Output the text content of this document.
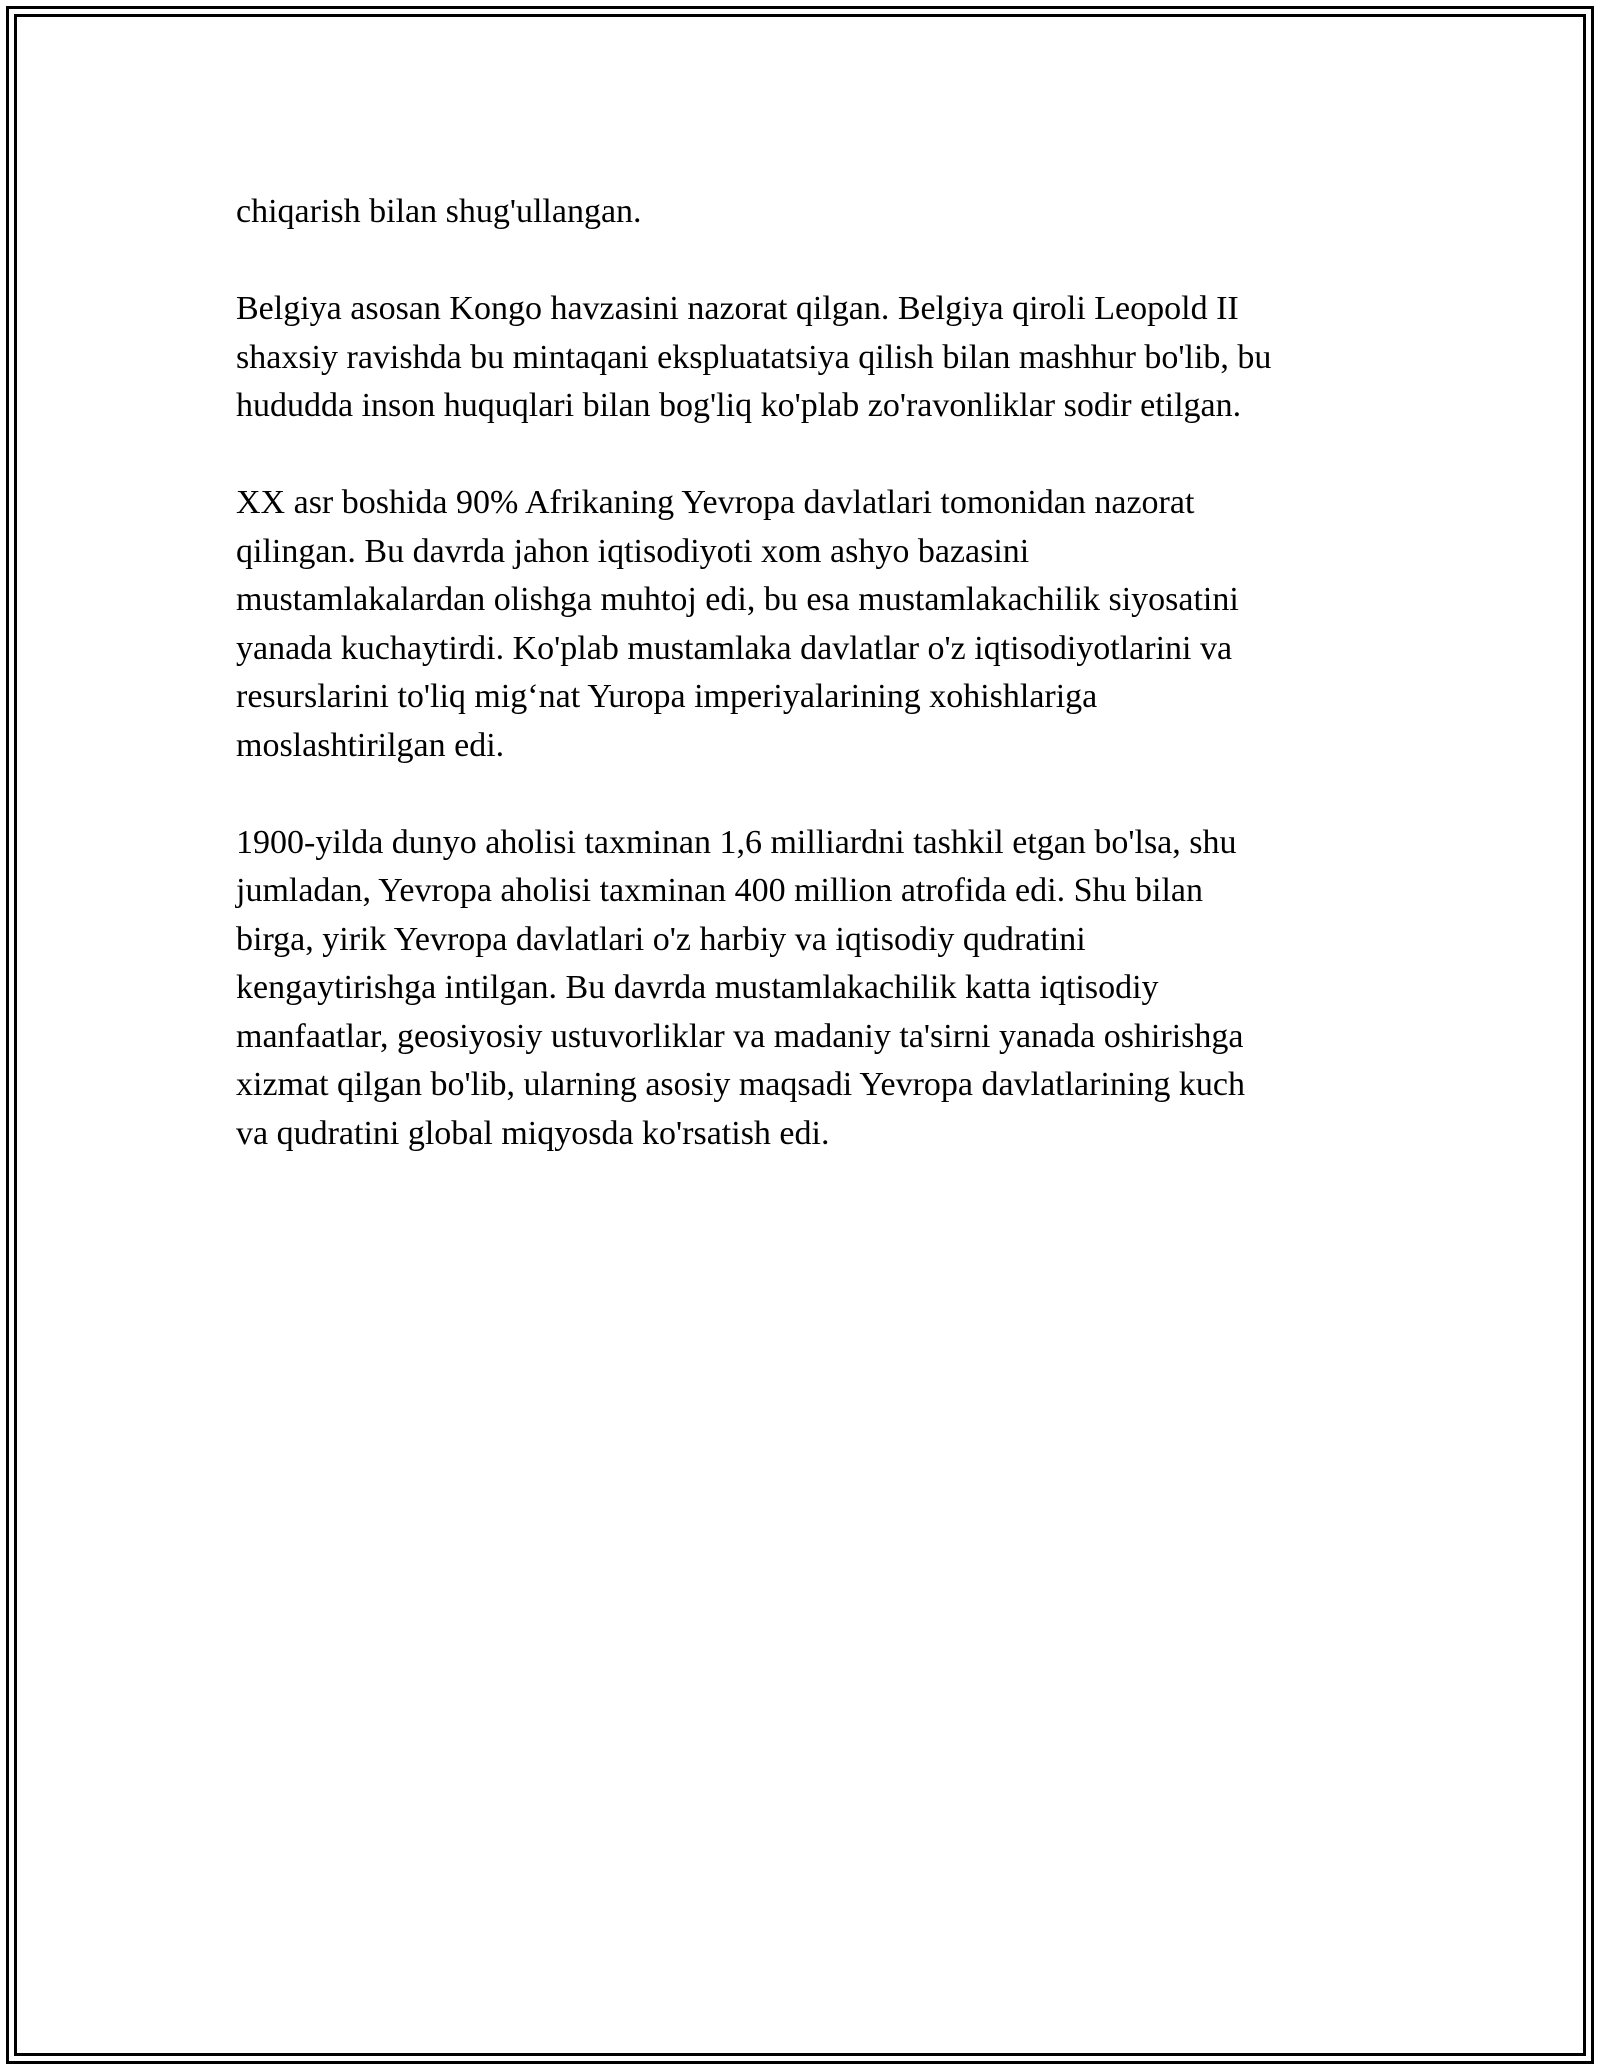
chiqarish bilan shug'ullangan.

Belgiya asosan Kongo havzasini nazorat qilgan. Belgiya qiroli Leopold II
shaxsiy ravishda bu mintaqani ekspluatatsiya qilish bilan mashhur bo'lib, bu
hududda inson huquqlari bilan bog'liq ko'plab zo'ravonliklar sodir etilgan.

XX asr boshida 90% Afrikaning Yevropa davlatlari tomonidan nazorat
qilingan. Bu davrda jahon iqtisodiyoti xom ashyo bazasini
mustamlakalardan olishga muhtoj edi, bu esa mustamlakachilik siyosatini
yanada kuchaytirdi. Ko'plab mustamlaka davlatlar o'z iqtisodiyotlarini va
resurslarini to'liq mig‘nat Yuropa imperiyalarining xohishlariga
moslashtirilgan edi.

1900-yilda dunyo aholisi taxminan 1,6 milliardni tashkil etgan bo'lsa, shu
jumladan, Yevropa aholisi taxminan 400 million atrofida edi. Shu bilan
birga, yirik Yevropa davlatlari o'z harbiy va iqtisodiy qudratini
kengaytirishga intilgan. Bu davrda mustamlakachilik katta iqtisodiy
manfaatlar, geosiyosiy ustuvorliklar va madaniy ta'sirni yanada oshirishga
xizmat qilgan bo'lib, ularning asosiy maqsadi Yevropa davlatlarining kuch
va qudratini global miqyosda ko'rsatish edi.
